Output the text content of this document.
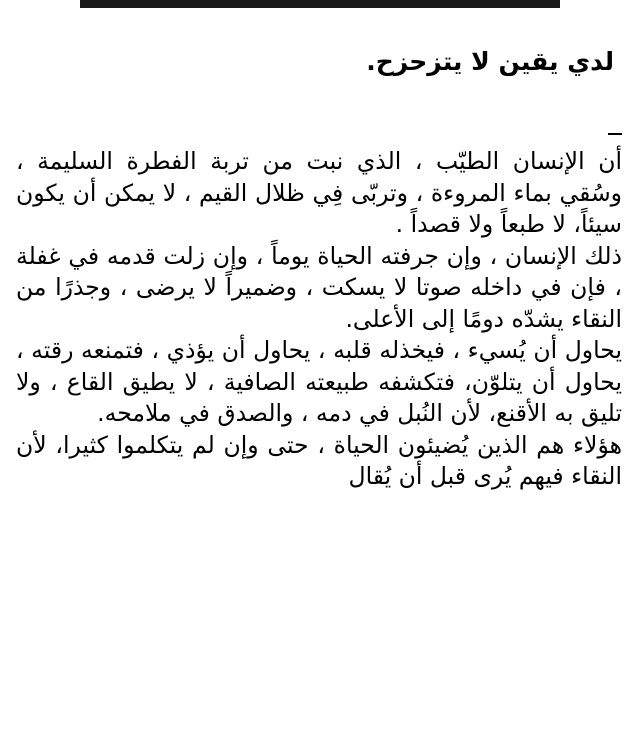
لدي يقين لا يتزحزح.

أن الإنسان الطيّب ، الذي نبت من تربة الفطرة السليمة ، وسُقي بماء المروءة ، وتربّى فِي ظلال القيم ، لا يمكن أن يكون سيئاً، لا طبعاً ولا قصداً .

ذلك الإنسان ، وإن جرفته الحياة يوماً ، وإن زلت قدمه في غفلة ، فإن في داخله صوتا لا يسكت ، وضميراً لا يرضى ، وجذرًا من النقاء يشدّه دومًا إلى الأعلى.

يحاول أن يُسيء ، فيخذله قلبه ، يحاول أن يؤذي ، فتمنعه رقته ، يحاول أن يتلوّن، فتكشفه طبيعته الصافية ، لا يطيق القاع ، ولا تليق به الأقنع، لأن النُبل في دمه ، والصدق في ملامحه.

هؤلاء هم الذين يُضيئون الحياة ، حتى وإن لم يتكلموا كثيرا، لأن النقاء فيهم يُرى قبل أن يُقال
